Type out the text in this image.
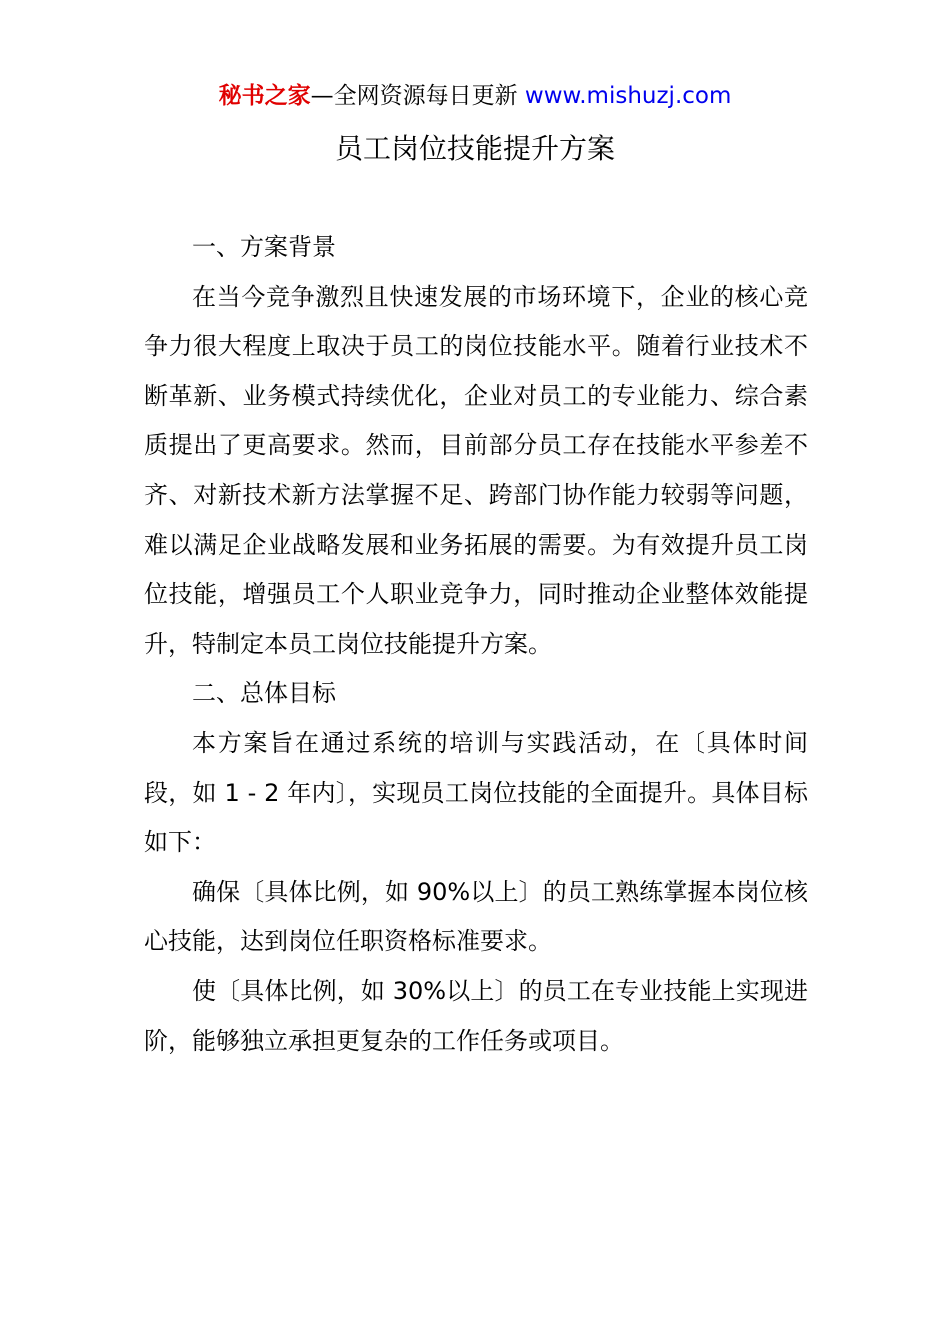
秘书之家—全网资源每日更新 www.mishuzj.com
员工岗位技能提升方案

一、方案背景

在当今竞争激烈且快速发展的市场环境下，企业的核心竞争力很大程度上取决于员工的岗位技能水平。随着行业技术不断革新、业务模式持续优化，企业对员工的专业能力、综合素质提出了更高要求。然而，目前部分员工存在技能水平参差不齐、对新技术新方法掌握不足、跨部门协作能力较弱等问题，难以满足企业战略发展和业务拓展的需要。为有效提升员工岗位技能，增强员工个人职业竞争力，同时推动企业整体效能提升，特制定本员工岗位技能提升方案。

二、总体目标

本方案旨在通过系统的培训与实践活动，在〔具体时间段，如 1 - 2 年内〕，实现员工岗位技能的全面提升。具体目标如下：

确保〔具体比例，如 90%以上〕的员工熟练掌握本岗位核心技能，达到岗位任职资格标准要求。

使〔具体比例，如 30%以上〕的员工在专业技能上实现进阶，能够独立承担更复杂的工作任务或项目。
